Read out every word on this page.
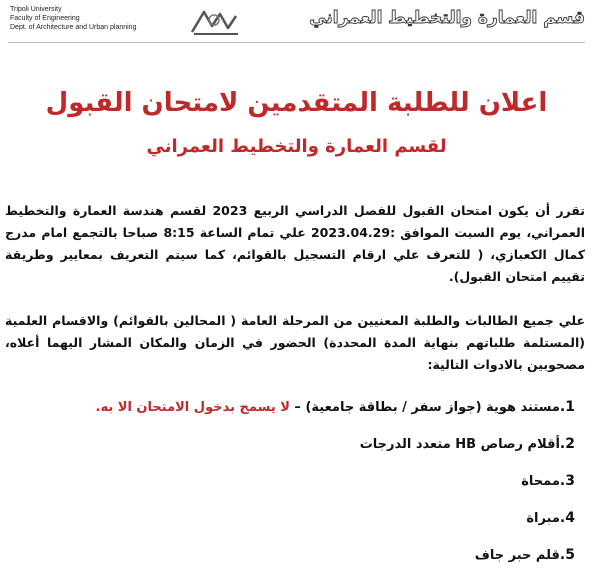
Tripoli University
Faculty of Engineering
Dept. of Architecture and Urban planning	قسم العمارة والتخطيط العمراني
اعلان للطلبة المتقدمين لامتحان القبول
لقسم العمارة والتخطيط العمراني

تقرر أن يكون امتحان القبول للفصل الدراسي الربيع 2023 لقسم هندسة العمارة والتخطيط العمراني، يوم السبت الموافق :2023.04.29 علي تمام الساعة 8:15 صباحا بالتجمع امام مدرج كمال الكعبازي، ( للتعرف علي ارقام التسجيل بالقوائم، كما سيتم التعريف بمعايير وطريقة تقييم امتحان القبول).

علي جميع الطالبات والطلبة المعنيين من المرحلة العامة ( المحالين بالقوائم) والاقسام العلمية (المستلمة طلباتهم بنهاية المدة المحددة) الحضور في الزمان والمكان المشار اليهما أعلاه، مصحوبين بالادوات التالية:

1.مستند هوية (جواز سفر / بطاقة جامعية) – لا يسمح بدخول الامتحان الا به.
2.أقلام رصاص HB متعدد الدرجات
3.ممحاة
4.مبراة
5.قلم حبر جاف
